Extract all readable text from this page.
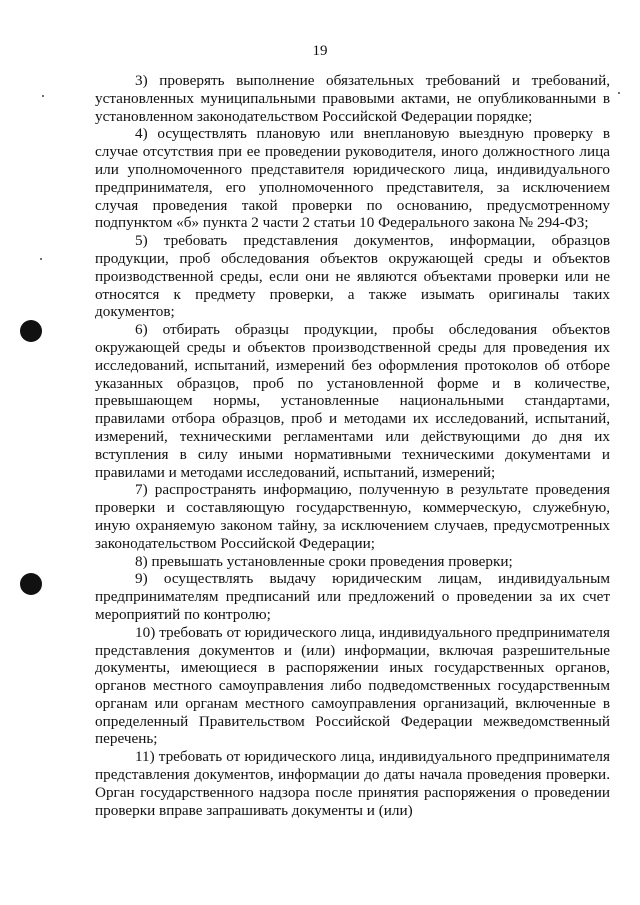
19

3) проверять выполнение обязательных требований и требований, установленных муниципальными правовыми актами, не опубликованными в установленном законодательством Российской Федерации порядке;

4) осуществлять плановую или внеплановую выездную проверку в случае отсутствия при ее проведении руководителя, иного должностного лица или уполномоченного представителя юридического лица, индивидуального предпринимателя, его уполномоченного представителя, за исключением случая проведения такой проверки по основанию, предусмотренному подпунктом «б» пункта 2 части 2 статьи 10 Федерального закона № 294-ФЗ;

5) требовать представления документов, информации, образцов продукции, проб обследования объектов окружающей среды и объектов производственной среды, если они не являются объектами проверки или не относятся к предмету проверки, а также изымать оригиналы таких документов;

6) отбирать образцы продукции, пробы обследования объектов окружающей среды и объектов производственной среды для проведения их исследований, испытаний, измерений без оформления протоколов об отборе указанных образцов, проб по установленной форме и в количестве, превышающем нормы, установленные национальными стандартами, правилами отбора образцов, проб и методами их исследований, испытаний, измерений, техническими регламентами или действующими до дня их вступления в силу иными нормативными техническими документами и правилами и методами исследований, испытаний, измерений;

7) распространять информацию, полученную в результате проведения проверки и составляющую государственную, коммерческую, служебную, иную охраняемую законом тайну, за исключением случаев, предусмотренных законодательством Российской Федерации;

8) превышать установленные сроки проведения проверки;

9) осуществлять выдачу юридическим лицам, индивидуальным предпринимателям предписаний или предложений о проведении за их счет мероприятий по контролю;

10) требовать от юридического лица, индивидуального предпринимателя представления документов и (или) информации, включая разрешительные документы, имеющиеся в распоряжении иных государственных органов, органов местного самоуправления либо подведомственных государственным органам или органам местного самоуправления организаций, включенные в определенный Правительством Российской Федерации межведомственный перечень;

11) требовать от юридического лица, индивидуального предпринимателя представления документов, информации до даты начала проведения проверки. Орган государственного надзора после принятия распоряжения о проведении проверки вправе запрашивать документы и (или)
